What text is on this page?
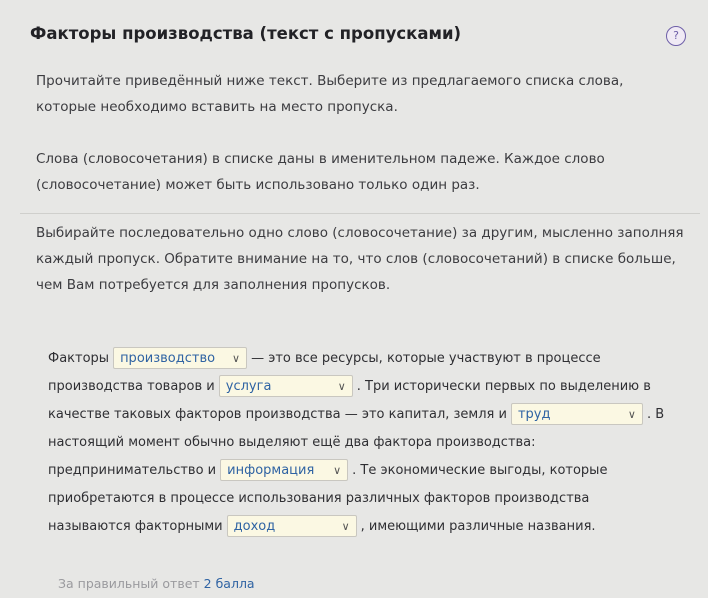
Факторы производства (текст с пропусками)	?
Прочитайте приведённый ниже текст. Выберите из предлагаемого списка слова, которые необходимо вставить на место пропуска.
Слова (словосочетания) в списке даны в именительном падеже. Каждое слово (словосочетание) может быть использовано только один раз.
Выбирайте последовательно одно слово (словосочетание) за другим, мысленно заполняя каждый пропуск. Обратите внимание на то, что слов (словосочетаний) в списке больше, чем Вам потребуется для заполнения пропусков.
Факторы производство ∨ — это все ресурсы, которые участвуют в процессе
производства товаров и услуга	∨ . Три исторически первых по выделению в
качестве таковых факторов производства — это капитал, земля и труд	∨ . В
настоящий момент обычно выделяют ещё два фактора производства:
предпринимательство и информация ∨ . Те экономические выгоды, которые
приобретаются в процессе использования различных факторов производства
называются факторными доход	∨ , имеющими различные названия.
За правильный ответ 2 балла
